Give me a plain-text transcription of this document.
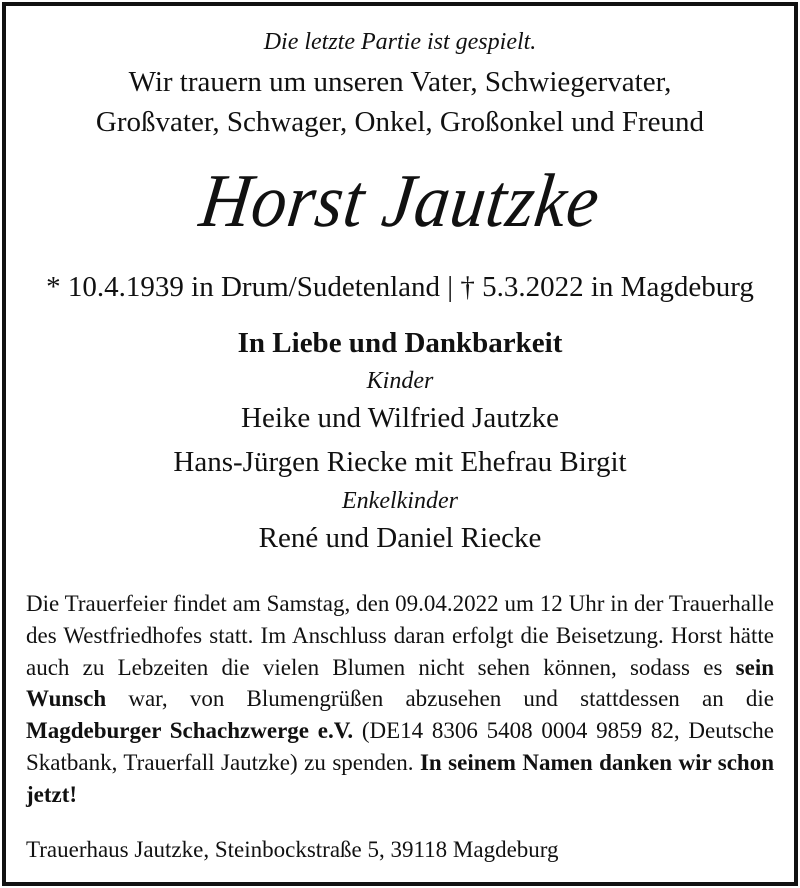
Die letzte Partie ist gespielt.
Wir trauern um unseren Vater, Schwiegervater,
Großvater, Schwager, Onkel, Großonkel und Freund
Horst Jautzke
* 10.4.1939 in Drum/Sudetenland | † 5.3.2022 in Magdeburg
In Liebe und Dankbarkeit
Kinder
Heike und Wilfried Jautzke
Hans-Jürgen Riecke mit Ehefrau Birgit
Enkelkinder
René und Daniel Riecke
Die Trauerfeier findet am Samstag, den 09.04.2022 um 12 Uhr in der Trauerhalle des Westfriedhofes statt. Im Anschluss daran erfolgt die Beisetzung. Horst hätte auch zu Lebzeiten die vielen Blumen nicht sehen können, sodass es sein Wunsch war, von Blumengrüßen abzusehen und stattdessen an die Magdeburger Schachzwerge e.V. (DE14 8306 5408 0004 9859 82, Deutsche Skatbank, Trauerfall Jautzke) zu spenden. In seinem Namen danken wir schon jetzt!
Trauerhaus Jautzke, Steinbockstraße 5, 39118 Magdeburg
